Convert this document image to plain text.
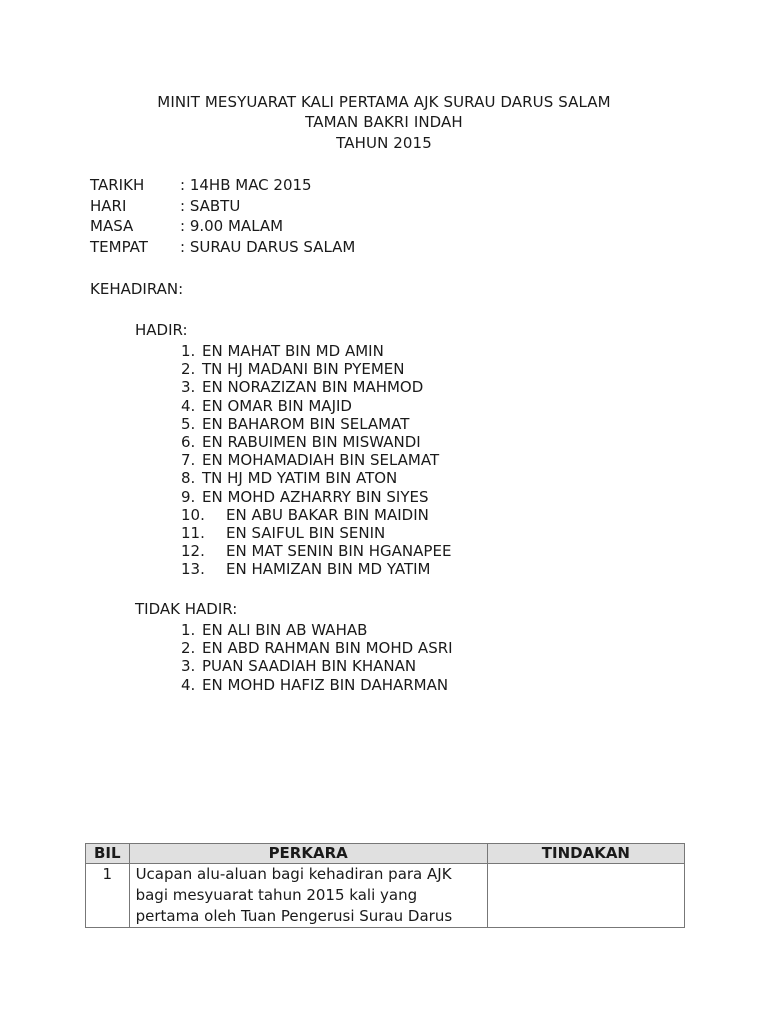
MINIT MESYUARAT KALI PERTAMA AJK SURAU DARUS SALAM
TAMAN BAKRI INDAH
TAHUN 2015
TARIKH : 14HB MAC 2015
HARI	: SABTU
MASA	: 9.00 MALAM
TEMPAT : SURAU DARUS SALAM
KEHADIRAN:
HADIR:
1. EN MAHAT BIN MD AMIN
2. TN HJ MADANI BIN PYEMEN
3. EN NORAZIZAN BIN MAHMOD
4. EN OMAR BIN MAJID
5. EN BAHAROM BIN SELAMAT
6. EN RABUIMEN BIN MISWANDI
7. EN MOHAMADIAH BIN SELAMAT
8. TN HJ MD YATIM BIN ATON
9. EN MOHD AZHARRY BIN SIYES
10. EN ABU BAKAR BIN MAIDIN
11. EN SAIFUL BIN SENIN
12. EN MAT SENIN BIN HGANAPEE
13. EN HAMIZAN BIN MD YATIM
TIDAK HADIR:
1. EN ALI BIN AB WAHAB
2. EN ABD RAHMAN BIN MOHD ASRI
3. PUAN SAADIAH BIN KHANAN
4. EN MOHD HAFIZ BIN DAHARMAN
BIL	PERKARA	TINDAKAN
1	Ucapan alu-aluan bagi kehadiran para AJK bagi mesyuarat tahun 2015 kali yang pertama oleh Tuan Pengerusi Surau Darus	
